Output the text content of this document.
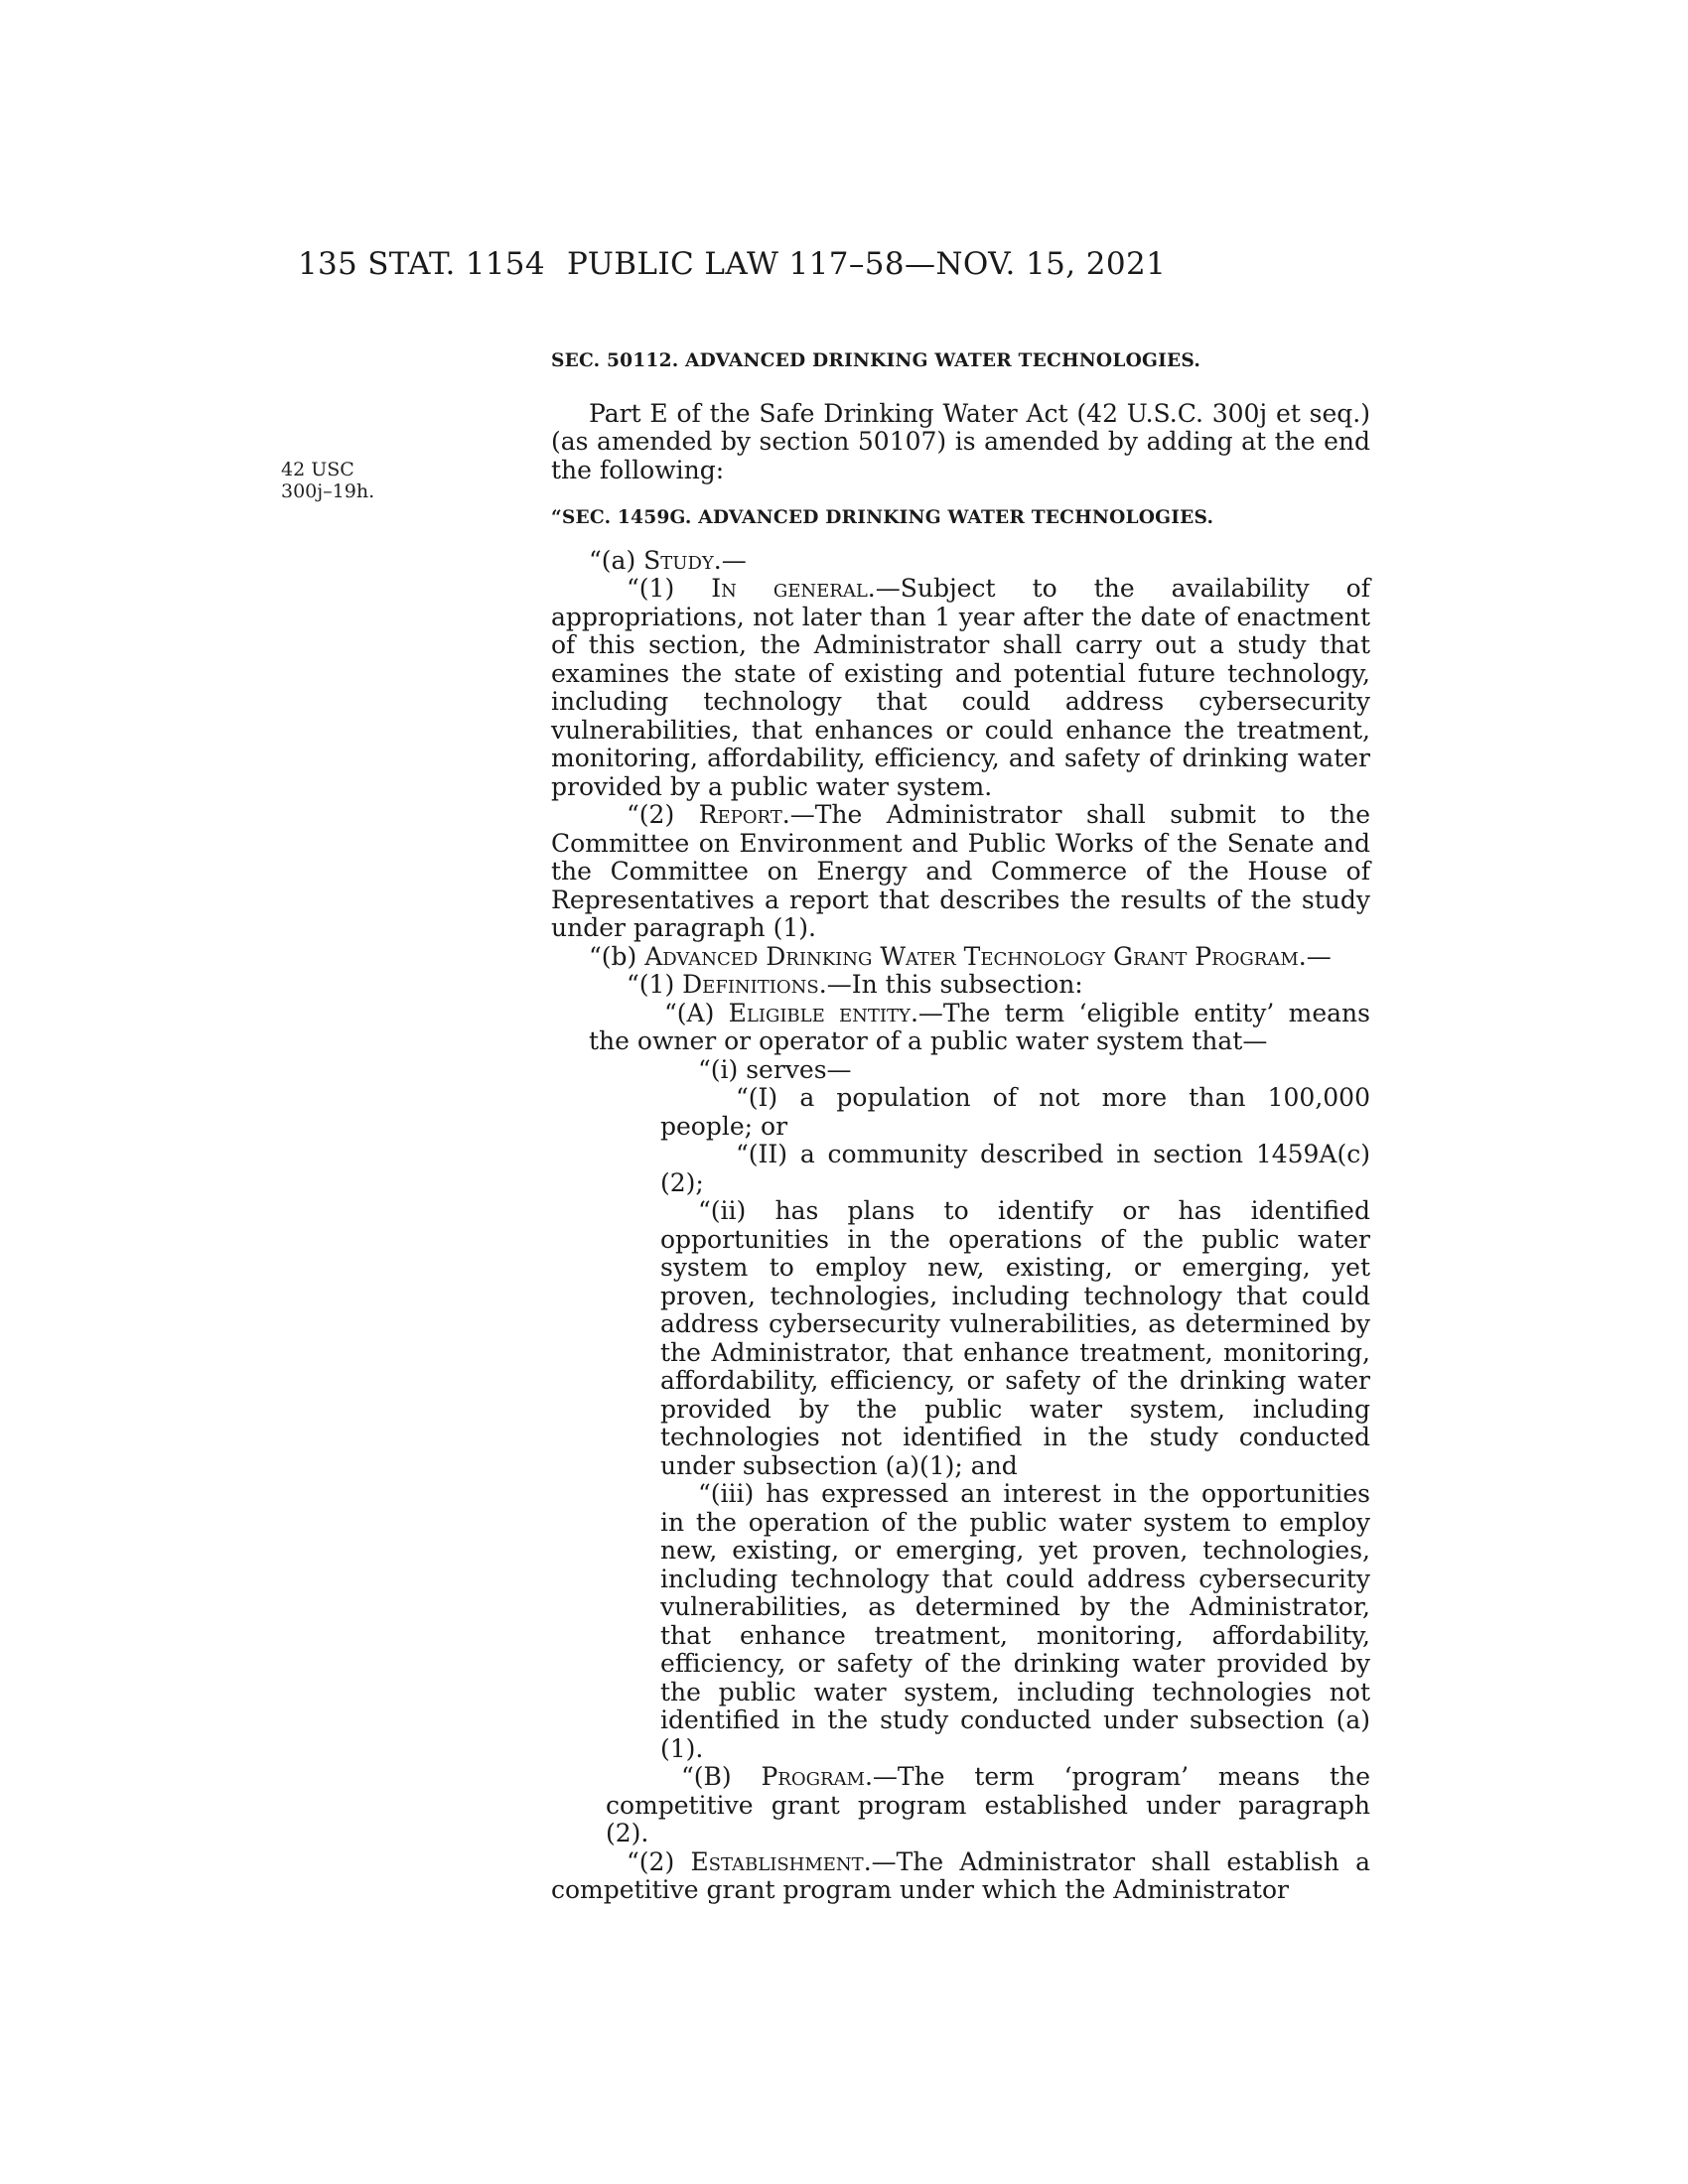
135 STAT. 1154 PUBLIC LAW 117–58—NOV. 15, 2021
42 USC
300j–19h.

SEC. 50112. ADVANCED DRINKING WATER TECHNOLOGIES.

Part E of the Safe Drinking Water Act (42 U.S.C. 300j et seq.) (as amended by section 50107) is amended by adding at the end the following:

“SEC. 1459G. ADVANCED DRINKING WATER TECHNOLOGIES.

“(a) Study.—

“(1) In general.—Subject to the availability of appropriations, not later than 1 year after the date of enactment of this section, the Administrator shall carry out a study that examines the state of existing and potential future technology, including technology that could address cybersecurity vulnerabilities, that enhances or could enhance the treatment, monitoring, affordability, efficiency, and safety of drinking water provided by a public water system.

“(2) Report.—The Administrator shall submit to the Committee on Environment and Public Works of the Senate and the Committee on Energy and Commerce of the House of Representatives a report that describes the results of the study under paragraph (1).

“(b) Advanced Drinking Water Technology Grant Program.—

“(1) Definitions.—In this subsection:

“(A) Eligible entity.—The term ‘eligible entity’ means the owner or operator of a public water system that—

“(i) serves—

“(I) a population of not more than 100,000 people; or

“(II) a community described in section 1459A(c)(2);

“(ii) has plans to identify or has identified opportunities in the operations of the public water system to employ new, existing, or emerging, yet proven, technologies, including technology that could address cybersecurity vulnerabilities, as determined by the Administrator, that enhance treatment, monitoring, affordability, efficiency, or safety of the drinking water provided by the public water system, including technologies not identified in the study conducted under subsection (a)(1); and

“(iii) has expressed an interest in the opportunities in the operation of the public water system to employ new, existing, or emerging, yet proven, technologies, including technology that could address cybersecurity vulnerabilities, as determined by the Administrator, that enhance treatment, monitoring, affordability, efficiency, or safety of the drinking water provided by the public water system, including technologies not identified in the study conducted under subsection (a)(1).

“(B) Program.—The term ‘program’ means the competitive grant program established under paragraph (2).

“(2) Establishment.—The Administrator shall establish a competitive grant program under which the Administrator
